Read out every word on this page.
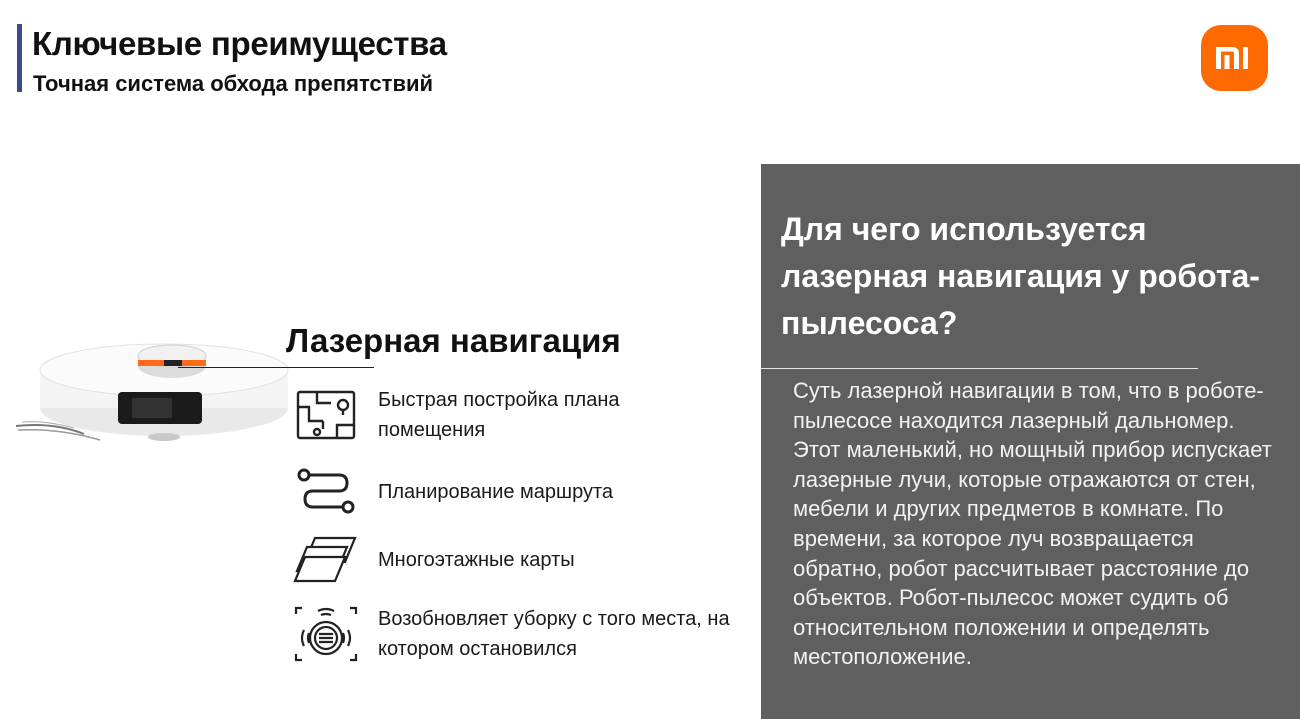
Ключевые преимущества
Точная система обхода препятствий
Лазерная навигация
Быстрая постройка плана помещения
Планирование маршрута
Многоэтажные карты
Возобновляет уборку с того места, на котором остановился
Для чего используется лазерная навигация у робота-пылесоса?
Суть лазерной навигации в том, что в роботе-пылесосе находится лазерный дальномер. Этот маленький, но мощный прибор испускает лазерные лучи, которые отражаются от стен, мебели и других предметов в комнате. По времени, за которое луч возвращается обратно, робот рассчитывает расстояние до объектов. Робот-пылесос может судить об относительном положении и определять местоположение.
